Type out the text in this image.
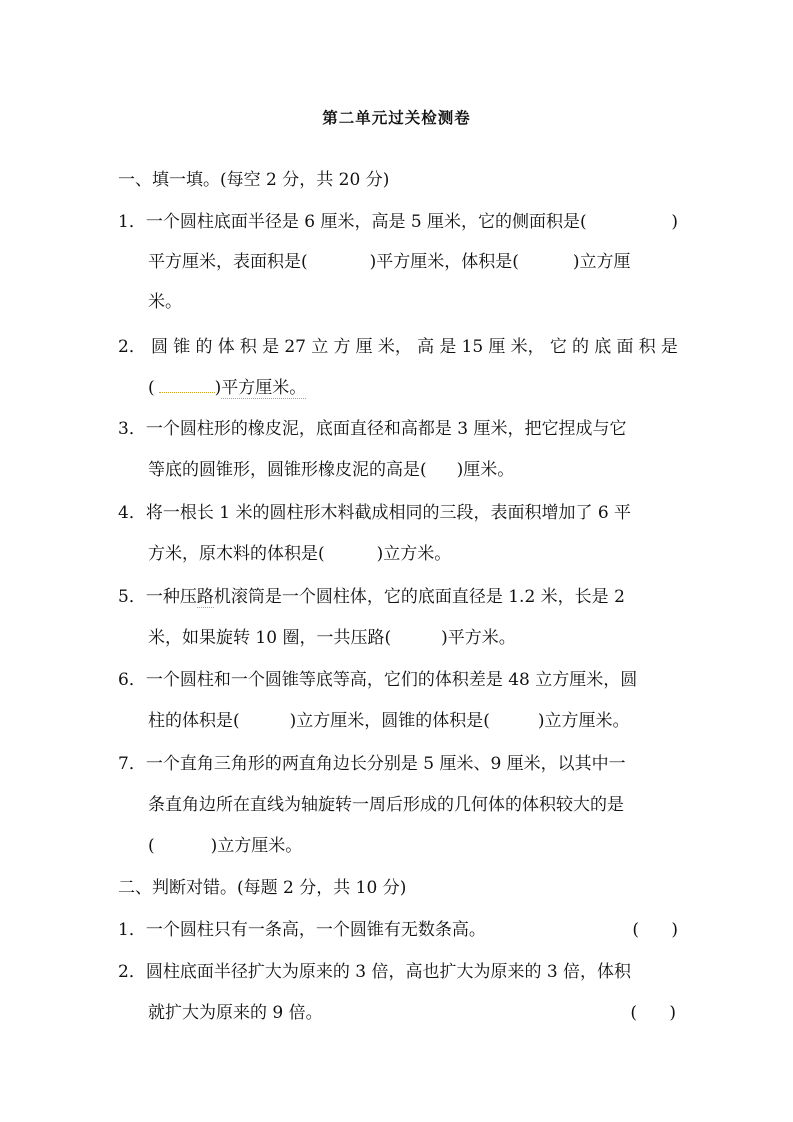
第二单元过关检测卷
一、填一填。(每空 2 分，共 20 分)
1．一个圆柱底面半径是 6 厘米，高是 5 厘米，它的侧面积是(	)
平方厘米，表面积是(	)平方厘米，体积是(	)立方厘
米。
2． 圆 锥 的 体 积 是 27 立 方 厘 米， 高 是 15 厘 米， 它 的 底 面 积 是
(	)平方厘米。
3．一个圆柱形的橡皮泥，底面直径和高都是 3 厘米，把它捏成与它
等底的圆锥形，圆锥形橡皮泥的高是( )厘米。
4．将一根长 1 米的圆柱形木料截成相同的三段，表面积增加了 6 平
方米，原木料的体积是(	)立方米。
5．一种压路机滚筒是一个圆柱体，它的底面直径是 1.2 米，长是 2
米，如果旋转 10 圈，一共压路(	)平方米。
6．一个圆柱和一个圆锥等底等高，它们的体积差是 48 立方厘米，圆
柱的体积是(	)立方厘米，圆锥的体积是(	)立方厘米。
7．一个直角三角形的两直角边长分别是 5 厘米、9 厘米，以其中一
条直角边所在直线为轴旋转一周后形成的几何体的体积较大的是
(	)立方厘米。
二、判断对错。(每题 2 分，共 10 分)
1．一个圆柱只有一条高，一个圆锥有无数条高。	(      )
2．圆柱底面半径扩大为原来的 3 倍，高也扩大为原来的 3 倍，体积
就扩大为原来的 9 倍。	(      )
